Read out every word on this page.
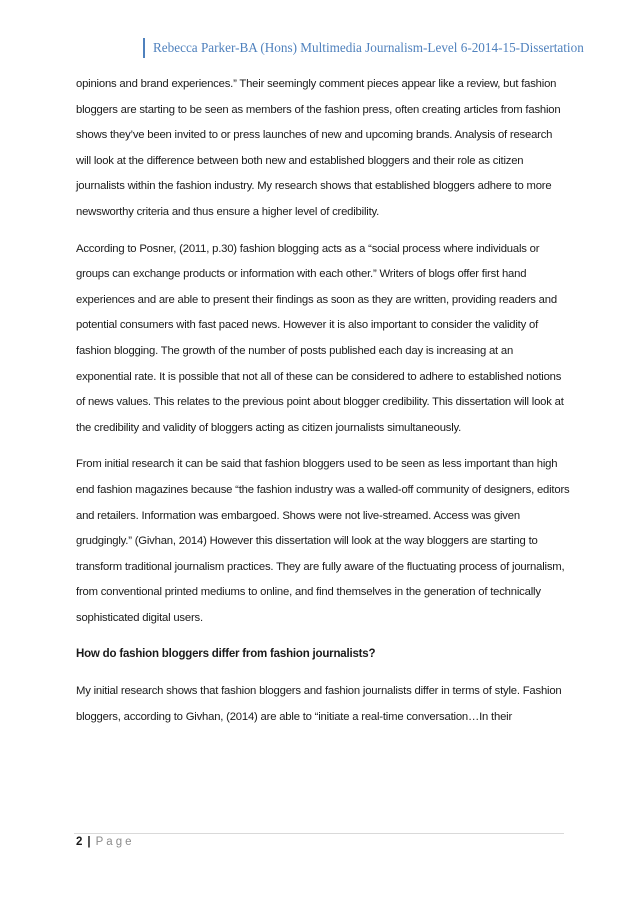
Rebecca Parker-BA (Hons) Multimedia Journalism-Level 6-2014-15-Dissertation

opinions and brand experiences.” Their seemingly comment pieces appear like a review, but fashion bloggers are starting to be seen as members of the fashion press, often creating articles from fashion shows they’ve been invited to or press launches of new and upcoming brands. Analysis of research will look at the difference between both new and established bloggers and their role as citizen journalists within the fashion industry. My research shows that established bloggers adhere to more newsworthy criteria and thus ensure a higher level of credibility.

According to Posner, (2011, p.30) fashion blogging acts as a “social process where individuals or groups can exchange products or information with each other.” Writers of blogs offer first hand experiences and are able to present their findings as soon as they are written, providing readers and potential consumers with fast paced news. However it is also important to consider the validity of fashion blogging. The growth of the number of posts published each day is increasing at an exponential rate. It is possible that not all of these can be considered to adhere to established notions of news values. This relates to the previous point about blogger credibility. This dissertation will look at the credibility and validity of bloggers acting as citizen journalists simultaneously.

From initial research it can be said that fashion bloggers used to be seen as less important than high end fashion magazines because “the fashion industry was a walled-off community of designers, editors and retailers. Information was embargoed. Shows were not live-streamed. Access was given grudgingly.” (Givhan, 2014) However this dissertation will look at the way bloggers are starting to transform traditional journalism practices. They are fully aware of the fluctuating process of journalism, from conventional printed mediums to online, and find themselves in the generation of technically sophisticated digital users.

How do fashion bloggers differ from fashion journalists?

My initial research shows that fashion bloggers and fashion journalists differ in terms of style. Fashion bloggers, according to Givhan, (2014) are able to “initiate a real-time conversation…In their

2 | Page
